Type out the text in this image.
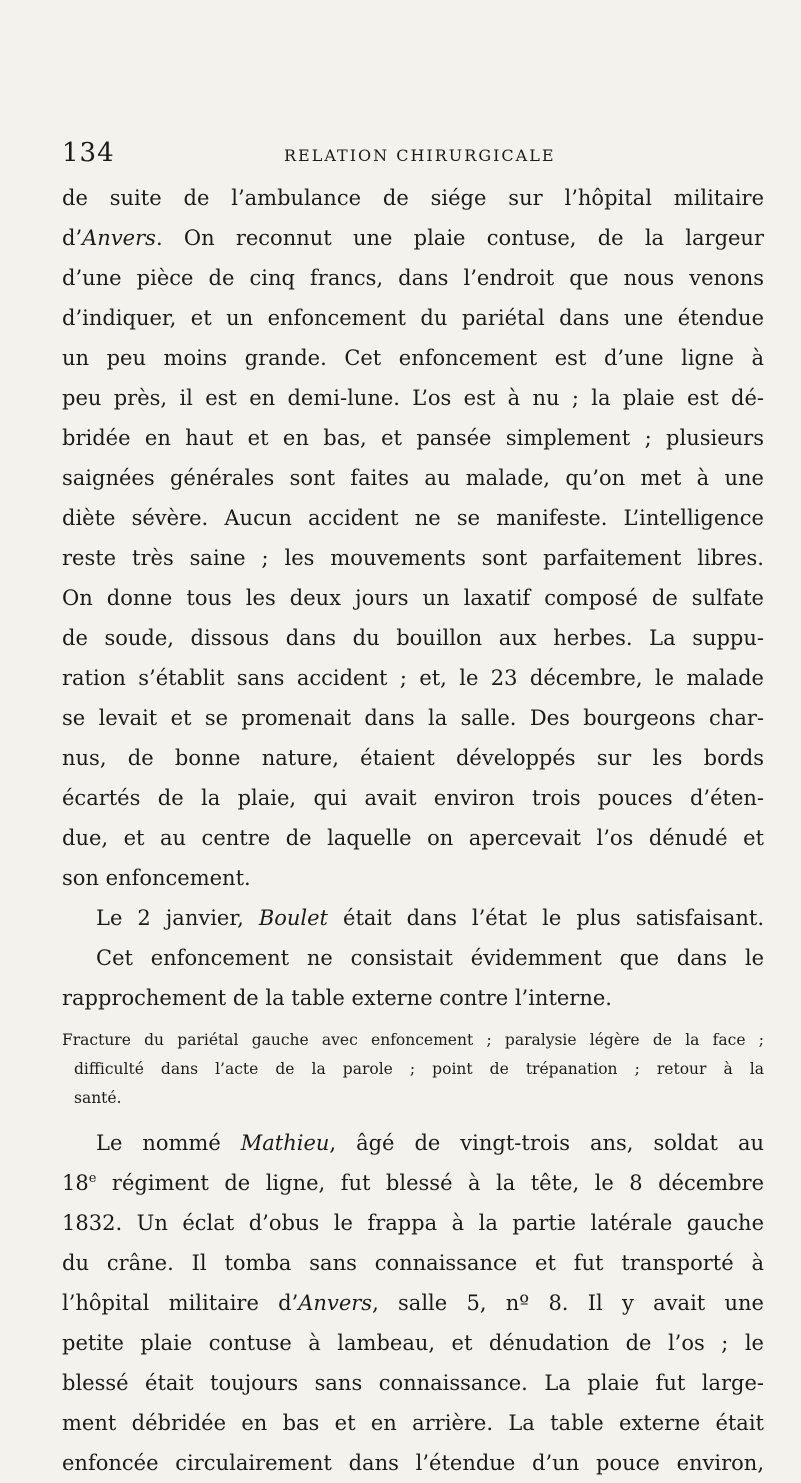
134	RELATION CHIRURGICALE
de suite de l’ambulance de siége sur l’hôpital militaire
d’Anvers. On reconnut une plaie contuse, de la largeur
d’une pièce de cinq francs, dans l’endroit que nous venons
d’indiquer, et un enfoncement du pariétal dans une étendue
un peu moins grande. Cet enfoncement est d’une ligne à
peu près, il est en demi-lune. L’os est à nu ; la plaie est dé-
bridée en haut et en bas, et pansée simplement ; plusieurs
saignées générales sont faites au malade, qu’on met à une
diète sévère. Aucun accident ne se manifeste. L’intelligence
reste très saine ; les mouvements sont parfaitement libres.
On donne tous les deux jours un laxatif composé de sulfate
de soude, dissous dans du bouillon aux herbes. La suppu-
ration s’établit sans accident ; et, le 23 décembre, le malade
se levait et se promenait dans la salle. Des bourgeons char-
nus, de bonne nature, étaient développés sur les bords
écartés de la plaie, qui avait environ trois pouces d’éten-
due, et au centre de laquelle on apercevait l’os dénudé et
son enfoncement.
Le 2 janvier, Boulet était dans l’état le plus satisfaisant.
Cet enfoncement ne consistait évidemment que dans le
rapprochement de la table externe contre l’interne.
Fracture du pariétal gauche avec enfoncement ; paralysie légère de la face ;
difficulté dans l’acte de la parole ; point de trépanation ; retour à la
santé.
Le nommé Mathieu, âgé de vingt-trois ans, soldat au
18e régiment de ligne, fut blessé à la tête, le 8 décembre
1832. Un éclat d’obus le frappa à la partie latérale gauche
du crâne. Il tomba sans connaissance et fut transporté à
l’hôpital militaire d’Anvers, salle 5, nº 8. Il y avait une
petite plaie contuse à lambeau, et dénudation de l’os ; le
blessé était toujours sans connaissance. La plaie fut large-
ment débridée en bas et en arrière. La table externe était
enfoncée circulairement dans l’étendue d’un pouce environ,
